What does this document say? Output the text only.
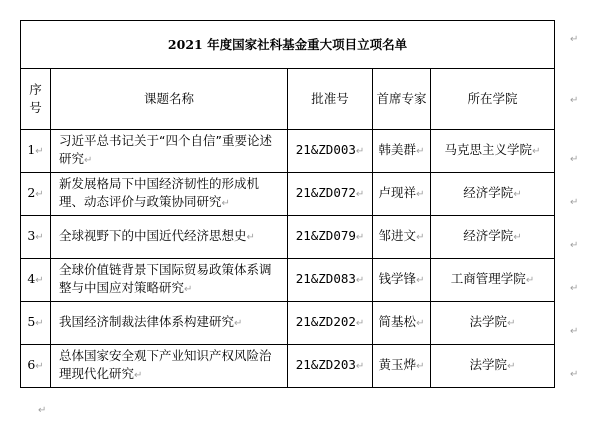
2021 年度国家社科基金重大项目立项名单				

序号	课题名称	批准号	首席专家	所在学院
1↵	习近平总书记关于“四个自信”重要论述研究↵	21&ZD003↵	韩美群↵	马克思主义学院↵
2↵	新发展格局下中国经济韧性的形成机理、动态评价与政策协同研究↵	21&ZD072↵	卢现祥↵	经济学院↵
3↵	全球视野下的中国近代经济思想史↵	21&ZD079↵	邹进文↵	经济学院↵
4↵	全球价值链背景下国际贸易政策体系调整与中国应对策略研究↵	21&ZD083↵	钱学锋↵	工商管理学院↵
5↵	我国经济制裁法律体系构建研究↵	21&ZD202↵	简基松↵	法学院↵
6↵	总体国家安全观下产业知识产权风险治理现代化研究↵	21&ZD203↵	黄玉烨↵	法学院↵
↵
↵
↵
↵
↵
↵
↵
↵
↵
